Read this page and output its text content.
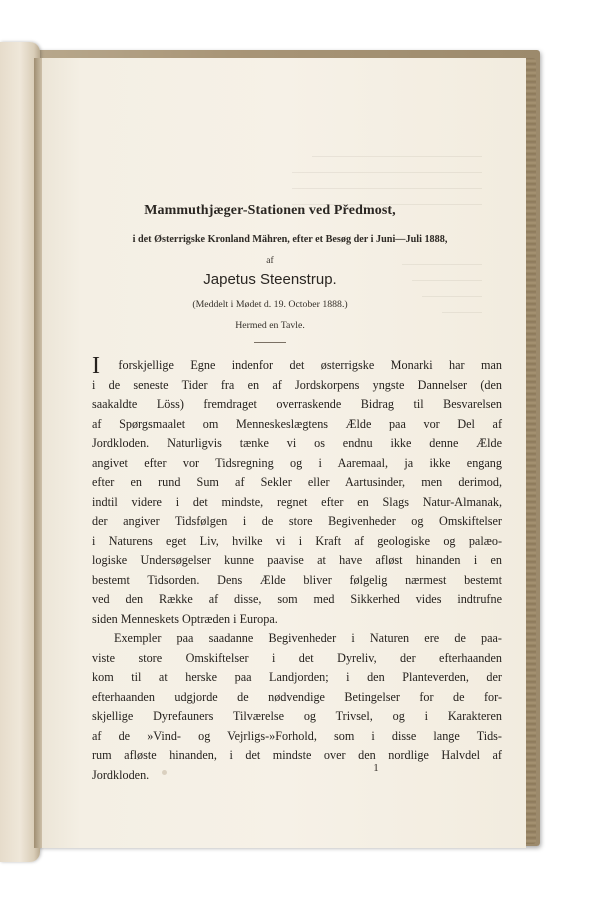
Mammuthjæger-Stationen ved Předmost,
i det Østerrigske Kronland Mähren, efter et Besøg der i Juni—Juli 1888,
af
Japetus Steenstrup.
(Meddelt i Mødet d. 19. October 1888.)
Hermed en Tavle.
I forskjellige Egne indenfor det østerrigske Monarki har man
i de seneste Tider fra en af Jordskorpens yngste Dannelser (den
saakaldte Löss) fremdraget overraskende Bidrag til Besvarelsen
af Spørgsmaalet om Menneskeslægtens Ælde paa vor Del af
Jordkloden. Naturligvis tænke vi os endnu ikke denne Ælde
angivet efter vor Tidsregning og i Aaremaal, ja ikke engang
efter en rund Sum af Sekler eller Aartusinder, men derimod,
indtil videre i det mindste, regnet efter en Slags Natur-Almanak,
der angiver Tidsfølgen i de store Begivenheder og Omskiftelser
i Naturens eget Liv, hvilke vi i Kraft af geologiske og palæo-
logiske Undersøgelser kunne paavise at have afløst hinanden i en
bestemt Tidsorden. Dens Ælde bliver følgelig nærmest bestemt
ved den Række af disse, som med Sikkerhed vides indtrufne
siden Menneskets Optræden i Europa.
Exempler paa saadanne Begivenheder i Naturen ere de paa-
viste store Omskiftelser i det Dyreliv, der efterhaanden
kom til at herske paa Landjorden; i den Planteverden, der
efterhaanden udgjorde de nødvendige Betingelser for de for-
skjellige Dyrefauners Tilværelse og Trivsel, og i Karakteren
af de »Vind- og Vejrligs-»Forhold, som i disse lange Tids-
rum afløste hinanden, i det mindste over den nordlige Halvdel af
Jordkloden.	1
